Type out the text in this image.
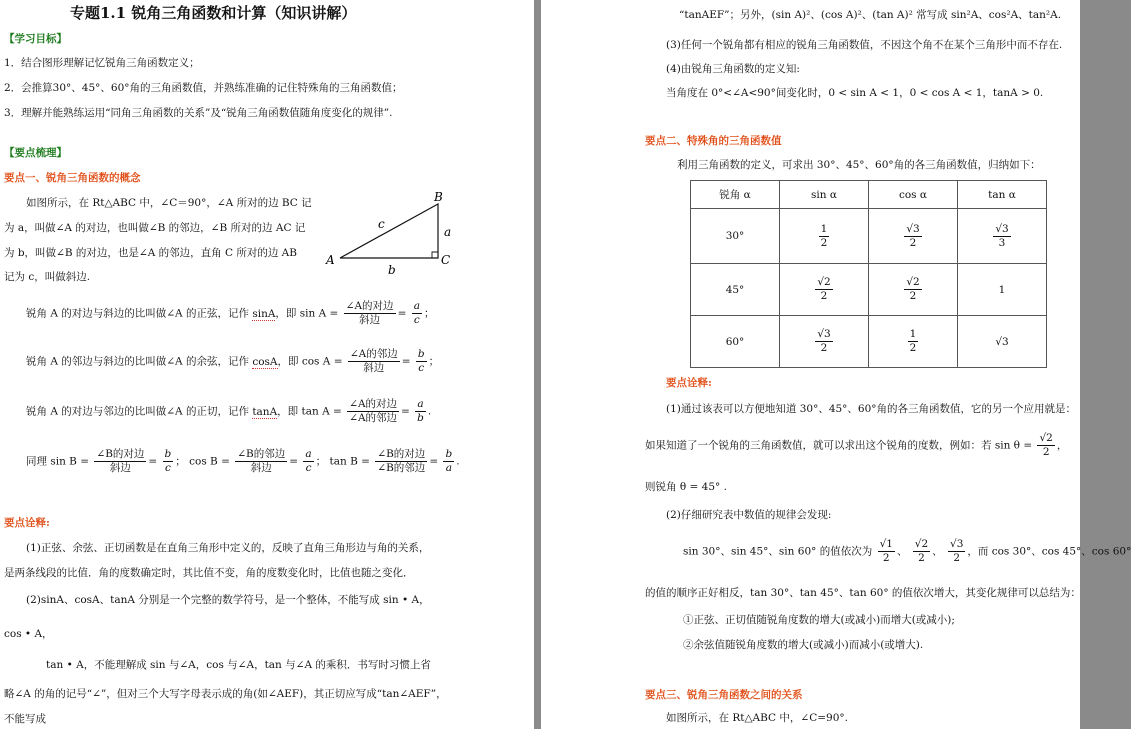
专题1.1 锐角三角函数和计算（知识讲解）
【学习目标】
1．结合图形理解记忆锐角三角函数定义；
2．会推算30°、45°、60°角的三角函数值，并熟练准确的记住特殊角的三角函数值；
3．理解并能熟练运用“同角三角函数的关系”及“锐角三角函数值随角度变化的规律”.
【要点梳理】
要点一、锐角三角函数的概念
如图所示，在 Rt△ABC 中，∠C＝90°，∠A 所对的边 BC 记
为 a，叫做∠A 的对边，也叫做∠B 的邻边，∠B 所对的边 AC 记
为 b，叫做∠B 的对边，也是∠A 的邻边，直角 C 所对的边 AB
记为 c，叫做斜边.
A
B
C
a
b
c
锐角 A 的对边与斜边的比叫做∠A 的正弦，记作 sinA，即 $\sin A = \frac{\text{∠A的对边}}{\text{斜边}} = \frac{a}{c}$ ；
锐角 A 的邻边与斜边的比叫做∠A 的余弦，记作 cosA，即 $\cos A = \frac{\text{∠A的邻边}}{\text{斜边}} = \frac{b}{c}$ ；
锐角 A 的对边与邻边的比叫做∠A 的正切，记作 tanA，即 $\tan A = \frac{\text{∠A的对边}}{\text{∠A的邻边}} = \frac{a}{b}$ .
同理 $\sin B = \frac{\text{∠B的对边}}{\text{斜边}} = \frac{b}{c}$ ； $\cos B = \frac{\text{∠B的邻边}}{\text{斜边}} = \frac{a}{c}$ ； $\tan B = \frac{\text{∠B的对边}}{\text{∠B的邻边}} = \frac{b}{a}$ .
要点诠释:
(1)正弦、余弦、正切函数是在直角三角形中定义的，反映了直角三角形边与角的关系，
是两条线段的比值．角的度数确定时，其比值不变，角的度数变化时，比值也随之变化．
(2)sinA、cosA、tanA 分别是一个完整的数学符号，是一个整体，不能写成 sin • A，
cos • A，
tan • A，不能理解成 sin 与∠A，cos 与∠A，tan 与∠A 的乘积．书写时习惯上省
略∠A 的角的记号“∠”，但对三个大写字母表示成的角(如∠AEF)，其正切应写成“tan∠AEF”，
不能写成
“tanAEF”；另外，(sin A)²、(cos A)²、(tan A)² 常写成 sin²A、cos²A、tan²A.
(3)任何一个锐角都有相应的锐角三角函数值，不因这个角不在某个三角形中而不存在.
(4)由锐角三角函数的定义知:
当角度在 0°<∠A<90°间变化时，0 < sin A < 1，0 < cos A < 1，tanA > 0.
要点二、特殊角的三角函数值
利用三角函数的定义，可求出 30°、45°、60°角的各三角函数值，归纳如下：
锐角 α	sin α	cos α	tan α
30°	$\frac{1}{2}$	$\frac{√3}{2}$	$\frac{√3}{3}$

45°	$\frac{√2}{2}$	$\frac{√2}{2}$	1
60°	$\frac{√3}{2}$	$\frac{1}{2}$	√3
要点诠释:
(1)通过该表可以方便地知道 30°、45°、60°角的各三角函数值，它的另一个应用就是：
如果知道了一个锐角的三角函数值，就可以求出这个锐角的度数，例如：若 $\sin \theta = \frac{√2}{2}$ ，
则锐角 θ = 45° .
(2)仔细研究表中数值的规律会发现:
sin 30°、sin 45°、sin 60° 的值依次为 $\frac{√1}{2}$ 、 $\frac{√2}{2}$ 、 $\frac{√3}{2}$ ，而 cos 30°、cos 45°、cos 60°
的值的顺序正好相反，tan 30°、tan 45°、tan 60° 的值依次增大，其变化规律可以总结为：
①正弦、正切值随锐角度数的增大(或减小)而增大(或减小);
②余弦值随锐角度数的增大(或减小)而减小(或增大).
要点三、锐角三角函数之间的关系
如图所示，在 Rt△ABC 中，∠C=90°.
